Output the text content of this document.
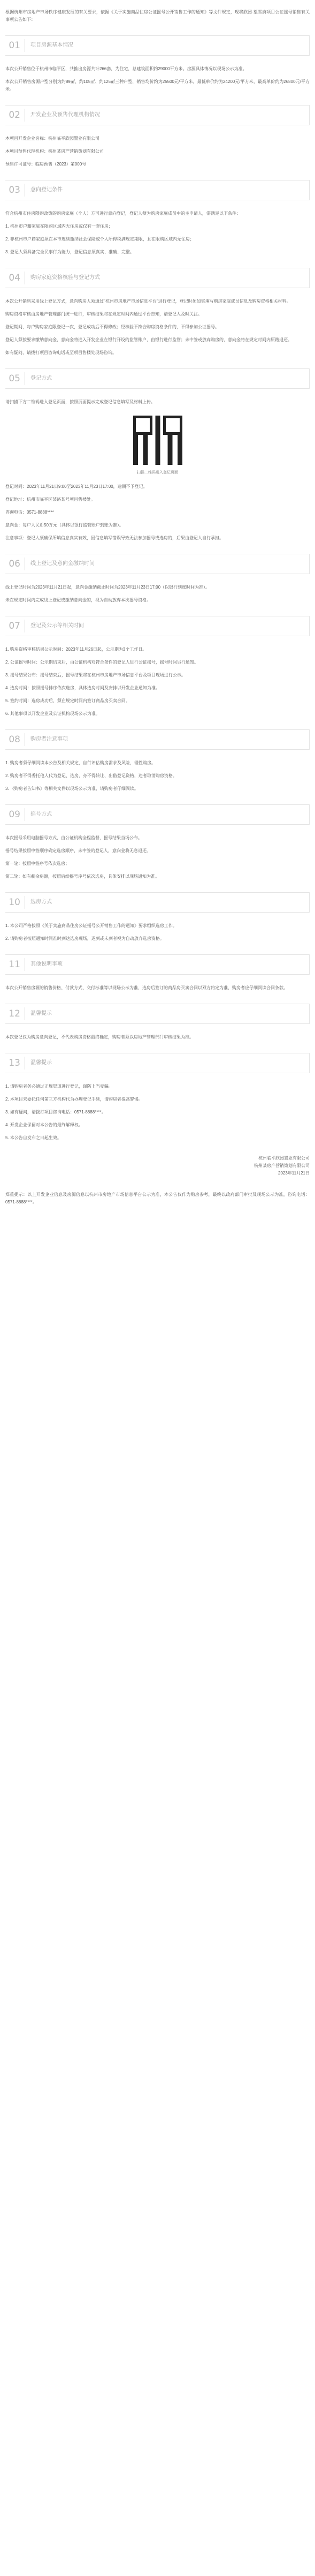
根据杭州市房地产市场秩序健康发展的有关要求，依据《关于实施商品住房公证摇号公开销售工作的通知》等文件规定，现将欣园·望雪府项目公证摇号销售有关事项公告如下：

01	项目房源基本情况

本次公开销售位于杭州市临平区，共推出房源共计266套，为住宅，总建筑面积约29000平方米。房源具体情况以现场公示为准。

本次公开销售房源户型分别为约89㎡、约105㎡、约125㎡三种户型，销售均价约为25500元/平方米，最低单价约为24200元/平方米，最高单价约为26800元/平方米。

02	开发企业及预售代理机构情况

本项目开发企业名称：杭州临平欣园置业有限公司

本项目预售代理机构：杭州某房产营销策划有限公司

预售许可证号：临房预售（2023）第000号

03	意向登记条件

符合杭州市住房限购政策的购房家庭（个人）方可进行意向登记，登记人须为购房家庭成员中的主申请人，需满足以下条件：

1. 杭州市户籍家庭在限购区域内无住房或仅有一套住房；

2. 非杭州市户籍家庭须在本市连续缴纳社会保险或个人所得税满规定期限，且在限购区域内无住房；

3. 登记人须具备完全民事行为能力，登记信息须真实、准确、完整。

04	购房家庭资格核验与登记方式

本次公开销售采用线上登记方式，意向购房人须通过"杭州市房地产市场信息平台"进行登记，登记时须如实填写购房家庭成员信息及购房资格相关材料。

购房资格审核由房地产管理部门统一进行，审核结果将在规定时间内通过平台告知，请登记人及时关注。

登记期间，每户购房家庭限登记一次，登记成功后不得修改；经核验不符合购房资格条件的，不得参加公证摇号。

登记人须按要求缴纳意向金，意向金将进入开发企业在银行开设的监管账户，由银行进行监管；未中签或放弃购房的，意向金将在规定时间内原路退还。

如有疑问，请拨打项目咨询电话或至项目售楼处现场咨询。

05	登记方式

请扫描下方二维码进入登记页面，按照页面提示完成登记信息填写及材料上传。

扫描二维码进入登记页面

登记时间：2023年11月21日9:00至2023年11月23日17:00，逾期不予登记。

登记地址：杭州市临平区某路某号项目售楼处。

咨询电话：0571-8888****

意向金：每户人民币50万元（具体以银行监管账户到账为准）。

注意事项：登记人须确保所填信息真实有效，因信息填写错误导致无法参加摇号或选房的，后果由登记人自行承担。

06	线上登记及意向金缴纳时间

线上登记时间为2023年11月21日起，意向金缴纳截止时间为2023年11月23日17:00（以银行到账时间为准）。

未在规定时间内完成线上登记或缴纳意向金的，视为自动放弃本次摇号资格。

07	登记及公示等相关时间

1. 购房资格审核结果公示时间：2023年11月26日起，公示期为3个工作日。

2. 公证摇号时间：公示期结束后，由公证机构对符合条件的登记人进行公证摇号，摇号时间另行通知。

3. 摇号结果公布：摇号结束后，摇号结果将在杭州市房地产市场信息平台及项目现场进行公示。

4. 选房时间：按照摇号排序依次选房，具体选房时间及安排以开发企业通知为准。

5. 签约时间：选房成功后，须在规定时间内签订商品房买卖合同。

6. 其他事项以开发企业及公证机构现场公示为准。

08	购房者注意事项

1. 购房者须仔细阅读本公告及相关规定，自行评估购房需求及风险，理性购房。

2. 购房者不得委托他人代为登记、选房，亦不得转让、出借登记资格，违者取消购房资格。

3. 《购房者告知书》等相关文件以现场公示为准，请购房者仔细阅读。

09	摇号方式

本次摇号采用电脑摇号方式，由公证机构全程监督，摇号结果当场公布。

摇号结果按照中签顺序确定选房顺序，未中签的登记人，意向金将无息退还。

第一轮：按照中签序号依次选房；

第二轮：如有剩余房源，按照后续摇号序号依次选房，具体安排以现场通知为准。

10	选房方式

1. 本公司严格按照《关于实施商品住房公证摇号公开销售工作的通知》要求组织选房工作。

2. 请购房者按照通知时间准时到达选房现场，迟到或未到者视为自动放弃选房资格。

11	其他说明事项

本次公开销售房源的销售价格、付款方式、交付标准等以现场公示为准，选房后签订的商品房买卖合同以双方约定为准，购房者应仔细阅读合同条款。

12	温馨提示

本次登记仅为购房意向登记，不代表购房资格最终确定，购房者须以房地产管理部门审核结果为准。

13	温馨提示

1. 请购房者务必通过正规渠道进行登记，谨防上当受骗。

2. 本项目未委托任何第三方机构代为办理登记手续，请购房者提高警惕。

3. 如有疑问，请拨打项目咨询电话：0571-8888****。

4. 开发企业保留对本公告的最终解释权。

5. 本公告自发布之日起生效。

杭州临平欣园置业有限公司
杭州某房产营销策划有限公司
2023年11月21日

郑重提示：以上开发企业信息及房源信息以杭州市房地产市场信息平台公示为准，本公告仅作为购房参考，最终以政府部门审批及现场公示为准，咨询电话：0571-8888****。
